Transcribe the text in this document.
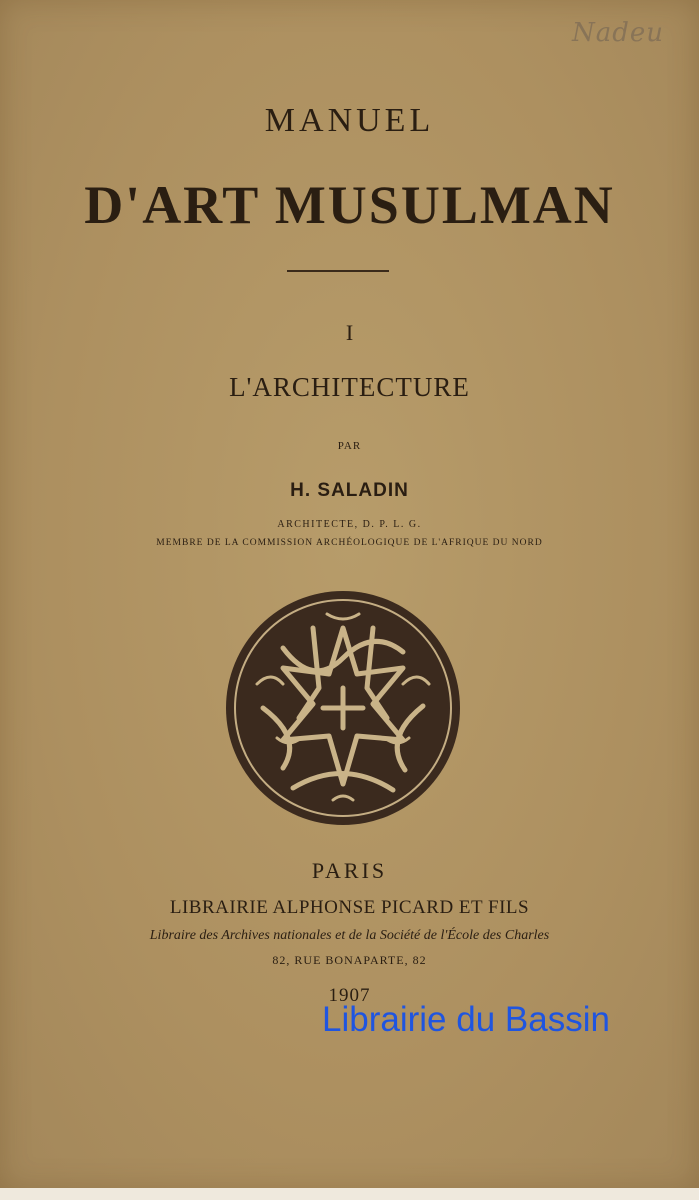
Nadeu
MANUEL
D'ART MUSULMAN
I
L'ARCHITECTURE
PAR
H. SALADIN
ARCHITECTE, D. P. L. G.
MEMBRE DE LA COMMISSION ARCHÉOLOGIQUE DE L'AFRIQUE DU NORD
PARIS
LIBRAIRIE ALPHONSE PICARD ET FILS
Libraire des Archives nationales et de la Société de l'École des Charles
82, RUE BONAPARTE, 82
1907
Librairie du Bassin
